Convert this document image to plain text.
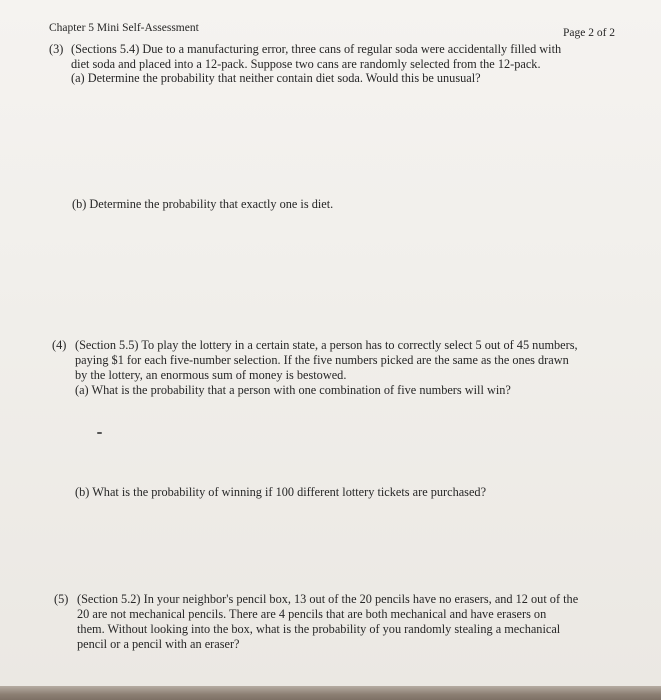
Chapter 5 Mini Self-Assessment	Page 2 of 2
(3) (Sections 5.4) Due to a manufacturing error, three cans of regular soda were accidentally filled with
diet soda and placed into a 12-pack. Suppose two cans are randomly selected from the 12-pack.
(a) Determine the probability that neither contain diet soda. Would this be unusual?
(b) Determine the probability that exactly one is diet.
(4) (Section 5.5) To play the lottery in a certain state, a person has to correctly select 5 out of 45 numbers,
paying $1 for each five-number selection. If the five numbers picked are the same as the ones drawn
by the lottery, an enormous sum of money is bestowed.
(a) What is the probability that a person with one combination of five numbers will win?
(b) What is the probability of winning if 100 different lottery tickets are purchased?
(5) (Section 5.2) In your neighbor's pencil box, 13 out of the 20 pencils have no erasers, and 12 out of the
20 are not mechanical pencils. There are 4 pencils that are both mechanical and have erasers on
them. Without looking into the box, what is the probability of you randomly stealing a mechanical
pencil or a pencil with an eraser?
